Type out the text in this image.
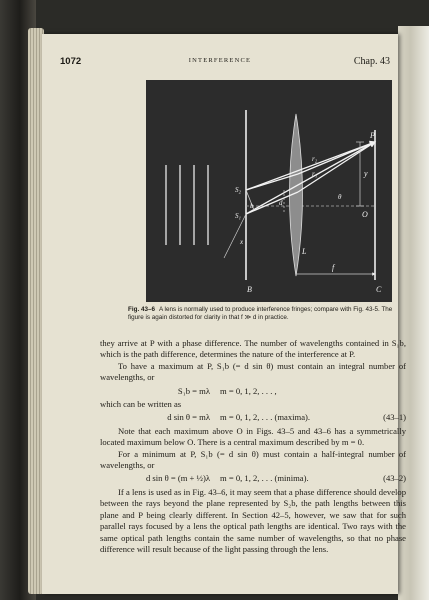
1072	INTERFERENCE	Chap. 43
P
r₂
r₁	y
O
θ
d
S₂
S₁
b
x
L
B	C
f
Fig. 43–6 A lens is normally used to produce interference fringes; compare with Fig. 43-5. The figure is again distorted for clarity in that f ≫ d in practice.

they arrive at P with a phase difference. The number of wavelengths contained in S₁b, which is the path difference, determines the nature of the interference at P.

To have a maximum at P, S₁b (= d sin θ) must contain an integral number of wavelengths, or

S₁b = mλ	m = 0, 1, 2, . . . ,

which can be written as

d sin θ = mλ	m = 0, 1, 2, . . . (maxima).	(43–1)

Note that each maximum above O in Figs. 43–5 and 43–6 has a symmetrically located maximum below O. There is a central maximum described by m = 0.

For a minimum at P, S₁b (= d sin θ) must contain a half-integral number of wavelengths, or

d sin θ = (m + ½)λ	m = 0, 1, 2, . . . (minima).	(43–2)

If a lens is used as in Fig. 43–6, it may seem that a phase difference should develop between the rays beyond the plane represented by S₂b, the path lengths between this plane and P being clearly different. In Section 42–5, however, we saw that for such parallel rays focused by a lens the optical path lengths are identical. Two rays with the same optical path lengths contain the same number of wavelengths, so that no phase difference will result because of the light passing through the lens.
